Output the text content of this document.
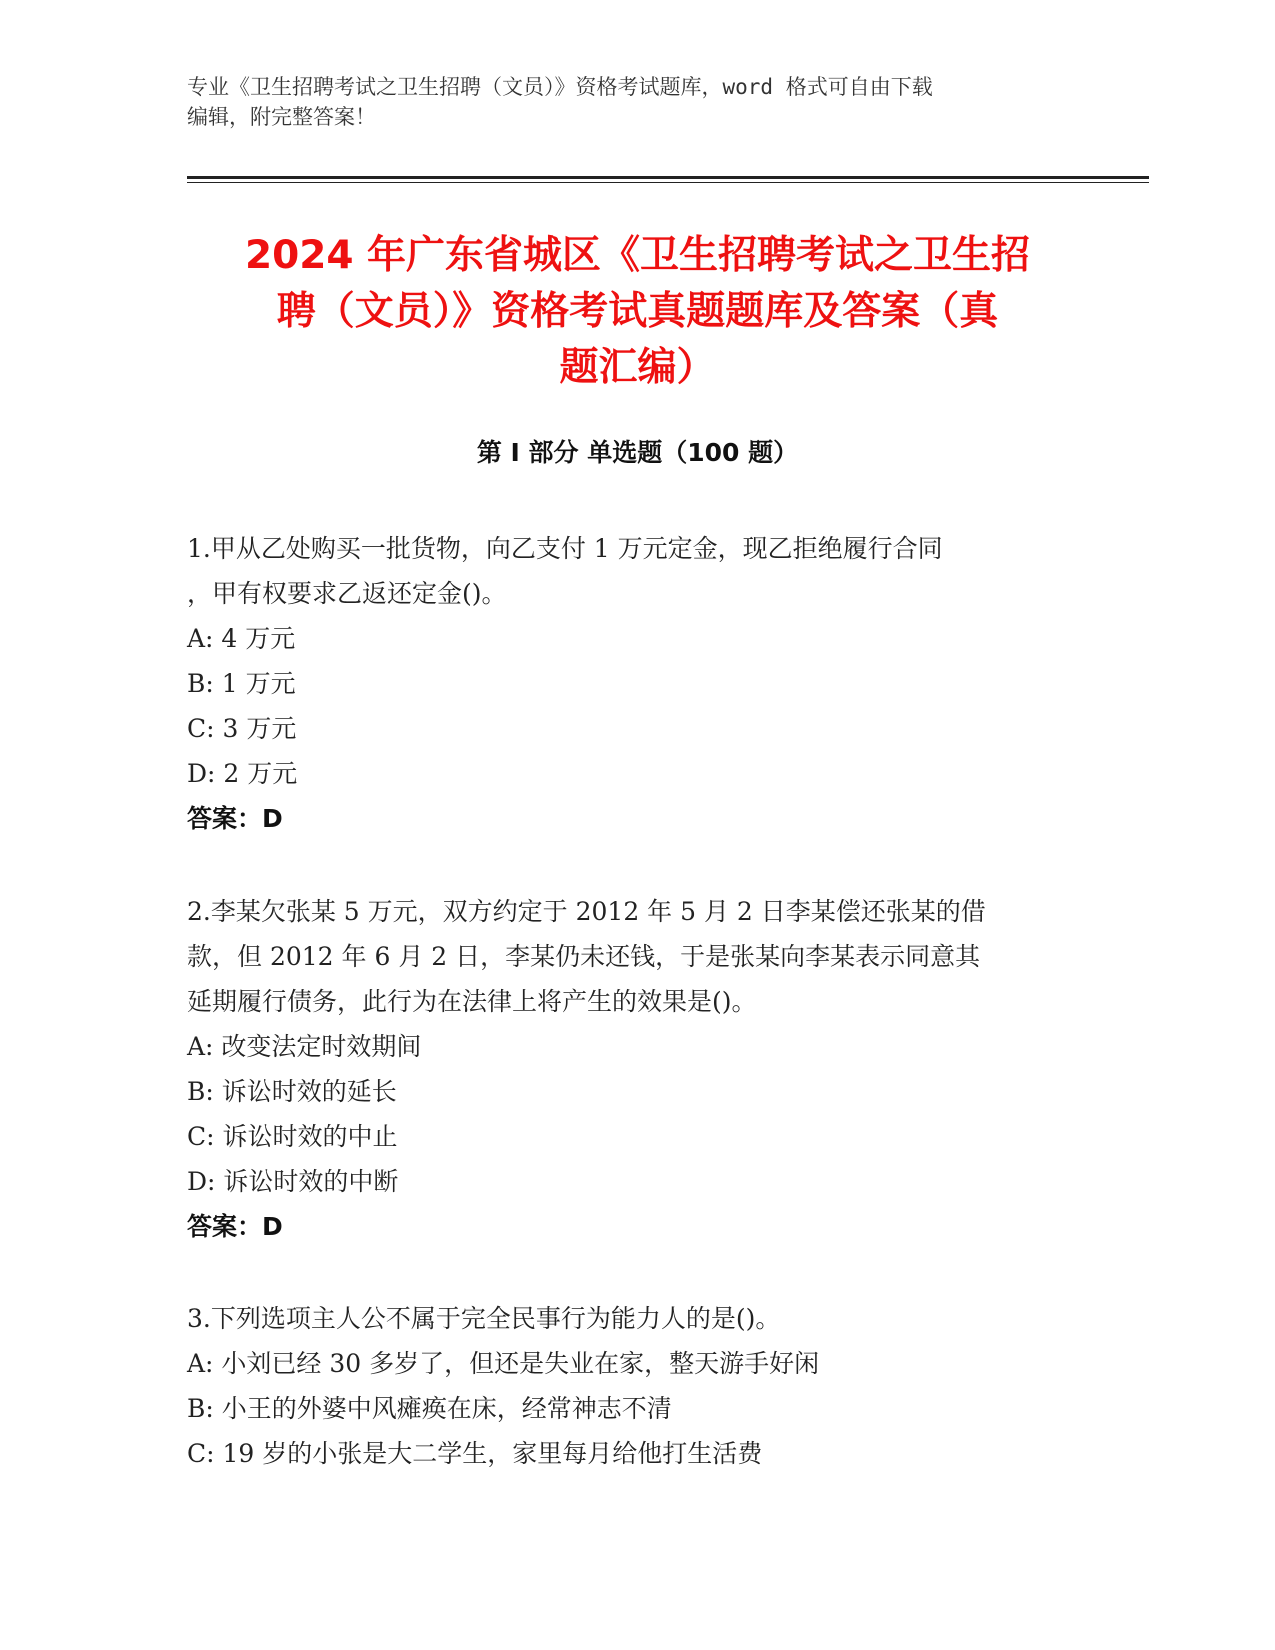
专业《卫生招聘考试之卫生招聘（文员）》资格考试题库，word 格式可自由下载
编辑，附完整答案！
2024 年广东省城区《卫生招聘考试之卫生招
聘（文员）》资格考试真题题库及答案（真
题汇编）
第 I 部分 单选题（100 题）
1.甲从乙处购买一批货物，向乙支付 1 万元定金，现乙拒绝履行合同
，甲有权要求乙返还定金()。
A: 4 万元
B: 1 万元
C: 3 万元
D: 2 万元
答案：D
2.李某欠张某 5 万元，双方约定于 2012 年 5 月 2 日李某偿还张某的借
款，但 2012 年 6 月 2 日，李某仍未还钱，于是张某向李某表示同意其
延期履行债务，此行为在法律上将产生的效果是()。
A: 改变法定时效期间
B: 诉讼时效的延长
C: 诉讼时效的中止
D: 诉讼时效的中断
答案：D
3.下列选项主人公不属于完全民事行为能力人的是()。
A: 小刘已经 30 多岁了，但还是失业在家，整天游手好闲
B: 小王的外婆中风瘫痪在床，经常神志不清
C: 19 岁的小张是大二学生，家里每月给他打生活费
